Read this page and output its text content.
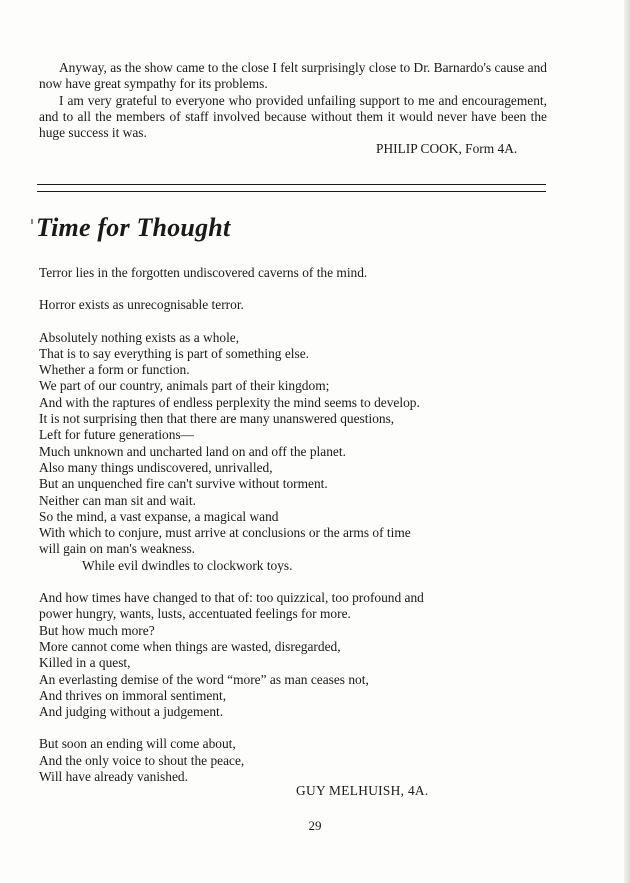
Anyway, as the show came to the close I felt surprisingly close to Dr. Barnardo's cause and now have great sympathy for its problems.

I am very grateful to everyone who provided unfailing support to me and encouragement, and to all the members of staff involved because without them it would never have been the huge success it was.

PHILIP COOK, Form 4A.
Time for Thought
Terror lies in the forgotten undiscovered caverns of the mind.
Horror exists as unrecognisable terror.
Absolutely nothing exists as a whole,
That is to say everything is part of something else.
Whether a form or function.
We part of our country, animals part of their kingdom;
And with the raptures of endless perplexity the mind seems to develop.
It is not surprising then that there are many unanswered questions,
Left for future generations—
Much unknown and uncharted land on and off the planet.
Also many things undiscovered, unrivalled,
But an unquenched fire can't survive without torment.
Neither can man sit and wait.
So the mind, a vast expanse, a magical wand
With which to conjure, must arrive at conclusions or the arms of time
will gain on man's weakness.
While evil dwindles to clockwork toys.
And how times have changed to that of: too quizzical, too profound and
power hungry, wants, lusts, accentuated feelings for more.
But how much more?
More cannot come when things are wasted, disregarded,
Killed in a quest,
An everlasting demise of the word “more” as man ceases not,
And thrives on immoral sentiment,
And judging without a judgement.
But soon an ending will come about,
And the only voice to shout the peace,
Will have already vanished.
GUY MELHUISH, 4A.
29
